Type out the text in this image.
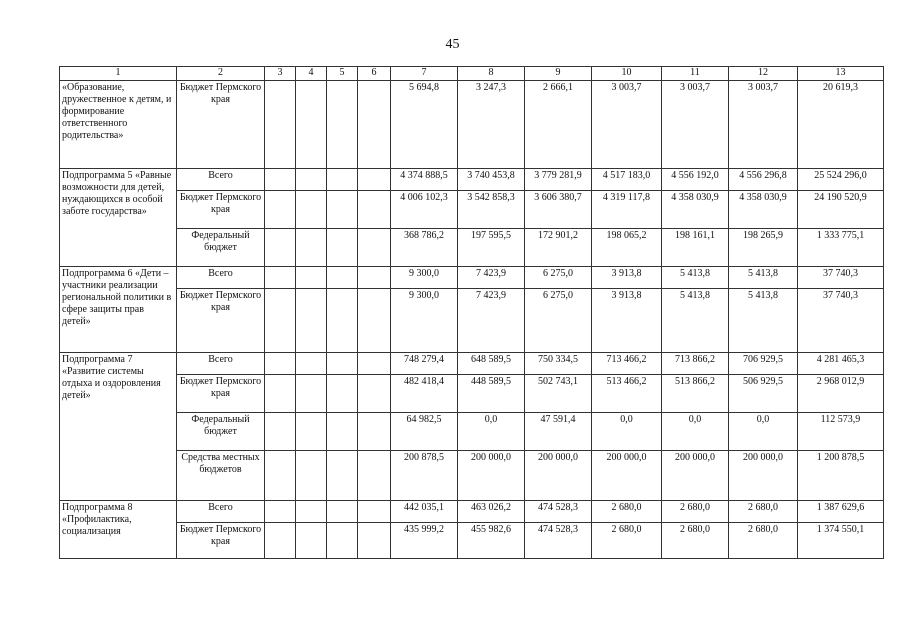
45
1	2	3	4	5	6	7	8	9	10	11	12	13
«Образование, дружественное к детям, и формирование ответственного родительства»	Бюджет Пермского края					5 694,8	3 247,3	2 666,1	3 003,7	3 003,7	3 003,7	20 619,3
Подпрограмма 5 «Равные возможности для детей, нуждающихся в особой заботе государства»	Всего					4 374 888,5	3 740 453,8	3 779 281,9	4 517 183,0	4 556 192,0	4 556 296,8	25 524 296,0
	Бюджет Пермского края					4 006 102,3	3 542 858,3	3 606 380,7	4 319 117,8	4 358 030,9	4 358 030,9	24 190 520,9
	Федеральный бюджет					368 786,2	197 595,5	172 901,2	198 065,2	198 161,1	198 265,9	1 333 775,1
Подпрограмма 6 «Дети – участники реализации региональной политики в сфере защиты прав детей»	Всего					9 300,0	7 423,9	6 275,0	3 913,8	5 413,8	5 413,8	37 740,3
	Бюджет Пермского края					9 300,0	7 423,9	6 275,0	3 913,8	5 413,8	5 413,8	37 740,3
Подпрограмма 7 «Развитие системы отдыха и оздоровления детей»	Всего					748 279,4	648 589,5	750 334,5	713 466,2	713 866,2	706 929,5	4 281 465,3
	Бюджет Пермского края					482 418,4	448 589,5	502 743,1	513 466,2	513 866,2	506 929,5	2 968 012,9
	Федеральный бюджет					64 982,5	0,0	47 591,4	0,0	0,0	0,0	112 573,9
	Средства местных бюджетов					200 878,5	200 000,0	200 000,0	200 000,0	200 000,0	200 000,0	1 200 878,5
Подпрограмма 8 «Профилактика, социализация	Всего					442 035,1	463 026,2	474 528,3	2 680,0	2 680,0	2 680,0	1 387 629,6
	Бюджет Пермского края					435 999,2	455 982,6	474 528,3	2 680,0	2 680,0	2 680,0	1 374 550,1
